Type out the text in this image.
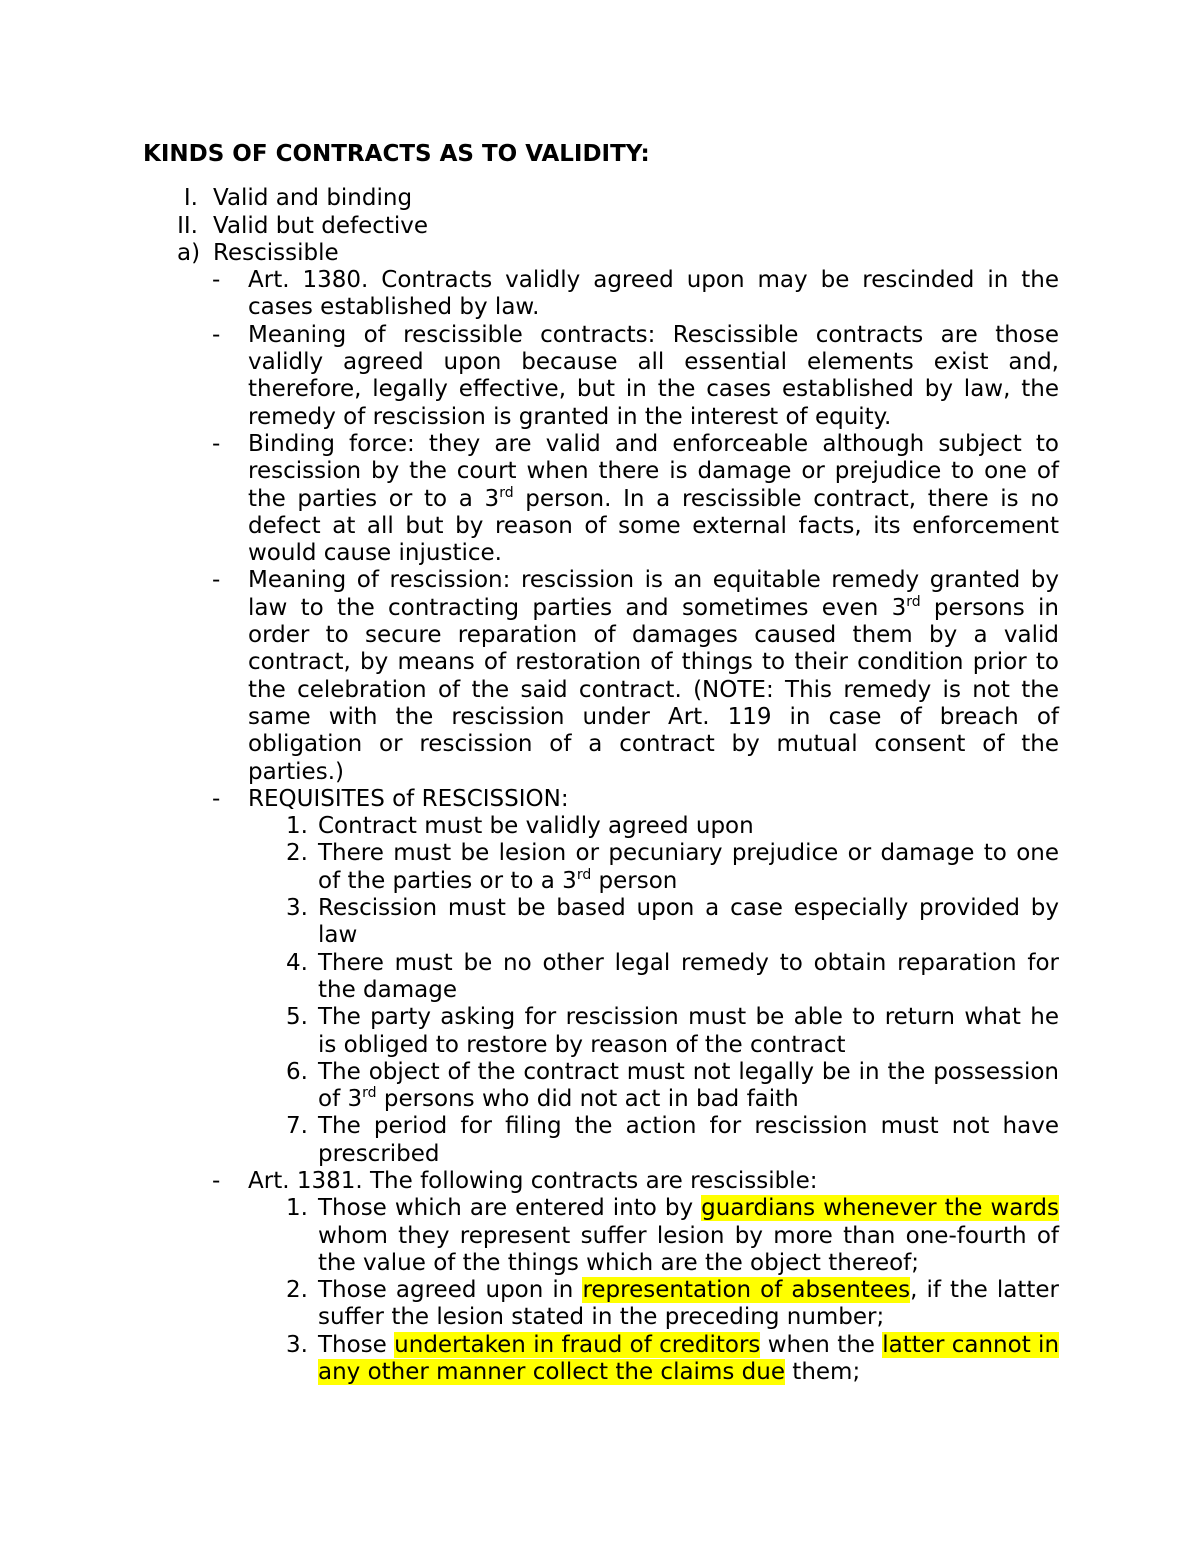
KINDS OF CONTRACTS AS TO VALIDITY:
I. Valid and binding
II. Valid but defective
a) Rescissible
-	Art. 1380. Contracts validly agreed upon may be rescinded in the cases established by law.
-	Meaning of rescissible contracts: Rescissible contracts are those validly agreed upon because all essential elements exist and, therefore, legally effective, but in the cases established by law, the remedy of rescission is granted in the interest of equity.
-	Binding force: they are valid and enforceable although subject to rescission by the court when there is damage or prejudice to one of the parties or to a 3rd person. In a rescissible contract, there is no defect at all but by reason of some external facts, its enforcement would cause injustice.
-	Meaning of rescission: rescission is an equitable remedy granted by law to the contracting parties and sometimes even 3rd persons in order to secure reparation of damages caused them by a valid contract, by means of restoration of things to their condition prior to the celebration of the said contract. (NOTE: This remedy is not the same with the rescission under Art. 119 in case of breach of obligation or rescission of a contract by mutual consent of the parties.)
-	REQUISITES of RESCISSION:
1. Contract must be validly agreed upon
2. There must be lesion or pecuniary prejudice or damage to one of the parties or to a 3rd person
3. Rescission must be based upon a case especially provided by law
4. There must be no other legal remedy to obtain reparation for the damage
5. The party asking for rescission must be able to return what he is obliged to restore by reason of the contract
6. The object of the contract must not legally be in the possession of 3rd persons who did not act in bad faith
7. The period for filing the action for rescission must not have prescribed
-	Art. 1381. The following contracts are rescissible:
1. Those which are entered into by guardians whenever the wards whom they represent suffer lesion by more than one-fourth of the value of the things which are the object thereof;
2. Those agreed upon in representation of absentees, if the latter suffer the lesion stated in the preceding number;
3. Those undertaken in fraud of creditors when the latter cannot in any other manner collect the claims due them;
